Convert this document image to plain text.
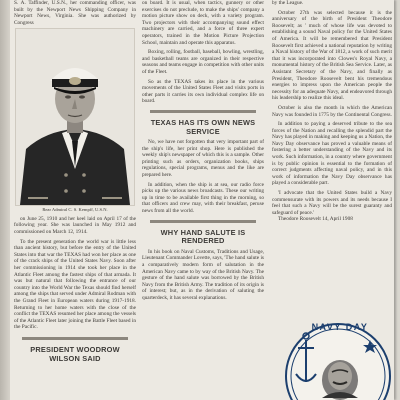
S. A. Taffinder, U.S.N., her commanding officer, was built by the Newport News Shipping Company in Newport News, Virginia. She was authorized by Congress

Rear Admiral C. S. Kempff, U.S.N.

on June 25, 1910 and her keel laid on April 17 of the following year. She was launched in May 1912 and commissioned on March 12, 1914.

To the present generation the world war is little less than ancient history, but before the entry of the United States into that war the TEXAS had won her place as one of the crack ships of the United States Navy. Soon after her commissioning in 1914 she took her place in the Atlantic Fleet among the fastest ships of that armada. It was but natural that following the entrance of our country into the World War the Texas should find herself among the ships that served under Admiral Rodman with the Grand Fleet in European waters during 1917-1918. Returning to her home waters with the close of the conflict the TEXAS resumed her place among the vessels of the Atlantic Fleet later joining the Battle Fleet based in the Pacific.

PRESIDENT WOODROW WILSON SAID

on board. It is usual, when tactics, gunnery or other exercises do not preclude, to make the ships' company a motion picture show on deck, with a variety program. Two projectors with their accompanying sound effect machinery are carried, and a force of three expert operators, trained in the Motion Picture Projection School, maintain and operate this apparatus.

Boxing, rolling, football, baseball, bowling, wrestling, and basketball teams are organized in their respective seasons and teams engage in competition with other units of the Fleet.

So as the TEXAS takes its place in the various movements of the United States Fleet and visits ports in other parts it carries its own individual complex life on board.

TEXAS HAS ITS OWN NEWS SERVICE

No, we have not forgotten that very important part of the ship's life, her print shop. Here is published the weekly ship's newspaper of which this is a sample. Other printing such as orders, organization books, ships regulations, special programs, menus and the like are prepared here.

In addition, when the ship is at sea, our radio force picks up the various news broadcasts. These our writing up in time to be available first thing in the morning, so that officers and crew may, with their breakfast, peruse news from all the world.

WHY HAND SALUTE IS RENDERED

In his book on Naval Customs, Traditions and Usage, Lieutenant Commander Lovette, says, 'The hand salute is a comparatively modern form of salutation in the American Navy came to by way of the British Navy. The gesture of the hand salute was borrowed by the British Navy from the British Army. The tradition of its origin is of interest; but, as in the derivation of saluting the quarterdeck, it has several explanations.

by the League.

October 27th was selected because it is the anniversary of the birth of President Theodore Roosevelt; as ' much of whose life was devoted to establishing a sound Naval policy for the United States of America. It will be remembered that President Roosevelt first achieved a national reputation by writing a Naval history of the War of 1812, a work of such merit that it was incorporated into Clowes's Royal Navy, a monumental history of the British Sea Service. Later, as Assistant Secretary of the Navy, and finally as President, Theodore Roosevelt bent his tremendous energies to impress upon the American people the necessity for an adequate Navy, and endeavored through his leadership to realize this ideal.

October is also the month in which the American Navy was founded in 1775 by the Continental Congress.

In addition to paying a deserved tribute to the sea forces of the Nation and recalling the splendid part the Navy has played in making and keeping us a Nation, the Navy Day observance has proved a valuable means of fostering a better understanding of the Navy and its work. Such information, in a country where government is by public opinion is essential to the formation of correct judgments affecting naval policy, and in this work of information the Navy Day observance has played a considerable part.

'I advocate that the United States build a Navy commensurate with its powers and its needs because I feel that such a Navy will be the surest guaranty and safeguard of peace.'

Theodore Roosevelt 14, April 1908

NAVY DAY
